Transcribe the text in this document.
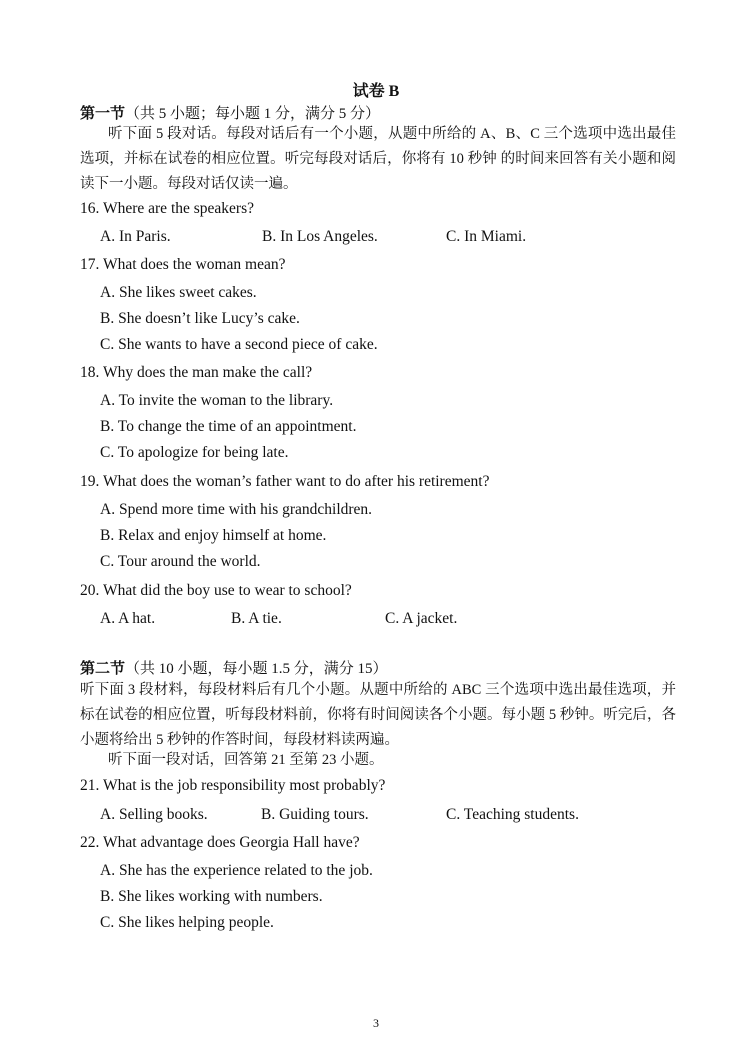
试卷 B
第一节（共 5 小题；每小题 1 分，满分 5 分）
听下面 5 段对话。每段对话后有一个小题，从题中所给的 A、B、C 三个选项中选出最佳选项，并标在试卷的相应位置。听完每段对话后，你将有 10 秒钟 的时间来回答有关小题和阅读下一小题。每段对话仅读一遍。
16. Where are the speakers?
A. In Paris.	B. In Los Angeles.	C. In Miami.
17. What does the woman mean?
A. She likes sweet cakes.
B. She doesn’t like Lucy’s cake.
C. She wants to have a second piece of cake.
18. Why does the man make the call?
A. To invite the woman to the library.
B. To change the time of an appointment.
C. To apologize for being late.
19. What does the woman’s father want to do after his retirement?
A. Spend more time with his grandchildren.
B. Relax and enjoy himself at home.
C. Tour around the world.
20. What did the boy use to wear to school?
A. A hat.	B. A tie.	C. A jacket.
第二节（共 10 小题，每小题 1.5 分，满分 15）
听下面 3 段材料，每段材料后有几个小题。从题中所给的 ABC 三个选项中选出最佳选项，并标在试卷的相应位置，听每段材料前，你将有时间阅读各个小题。每小题 5 秒钟。听完后，各小题将给出 5 秒钟的作答时间，每段材料读两遍。
听下面一段对话，回答第 21 至第 23 小题。
21. What is the job responsibility most probably?
A. Selling books.	B. Guiding tours.	C. Teaching students.
22. What advantage does Georgia Hall have?
A. She has the experience related to the job.
B. She likes working with numbers.
C. She likes helping people.
3
